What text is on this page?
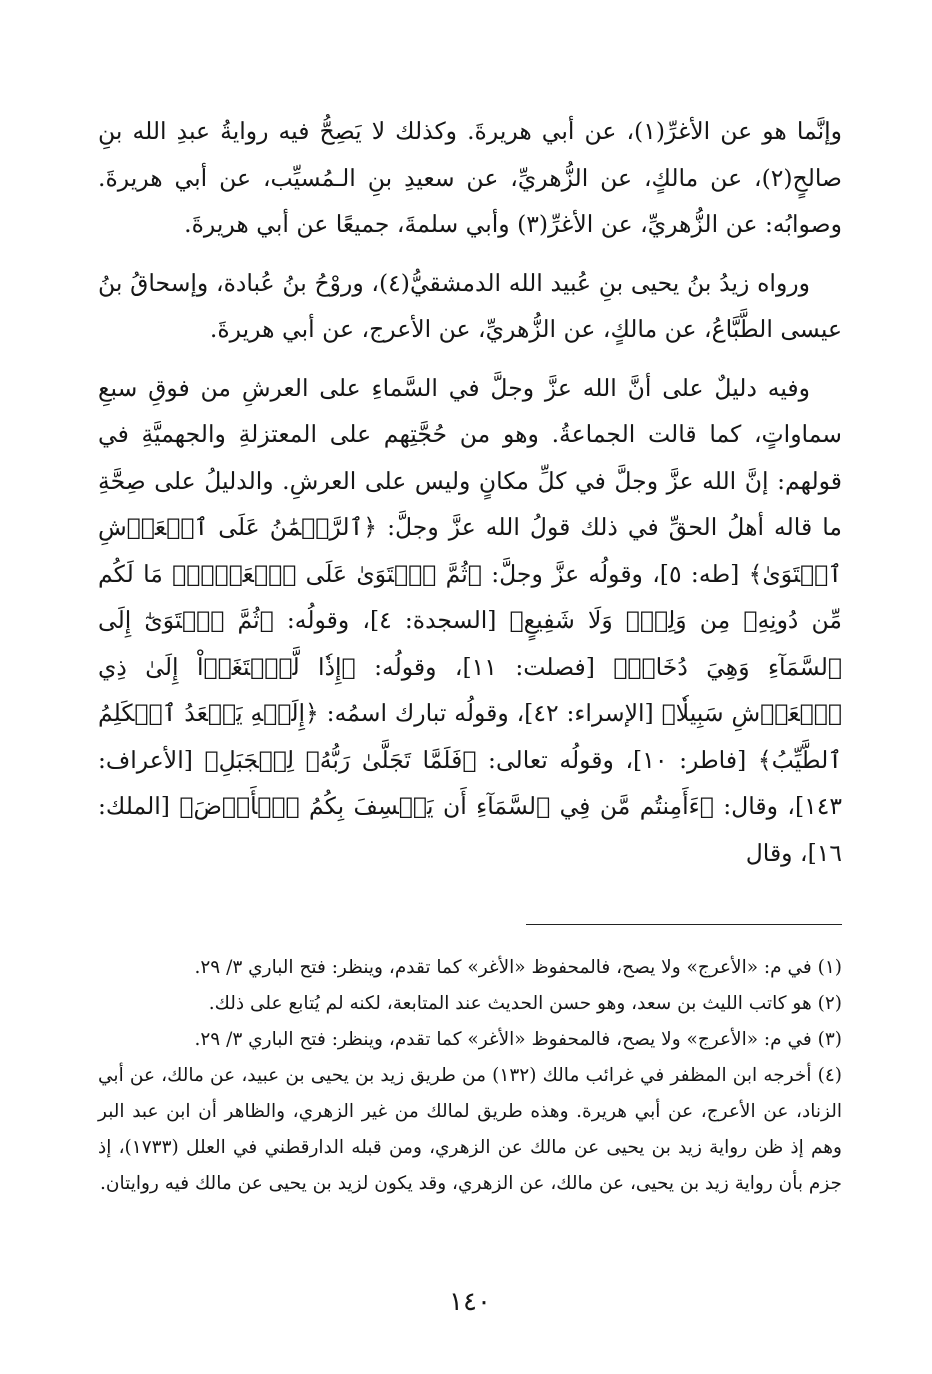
وإنَّما هو عن الأغرِّ(١)، عن أبي هريرةَ. وكذلك لا يَصِحُّ فيه روايةُ عبدِ الله بنِ صالحٍ(٢)، عن مالكٍ، عن الزُّهريِّ، عن سعيدِ بنِ الـمُسيِّب، عن أبي هريرةَ. وصوابُه: عن الزُّهريِّ، عن الأغرِّ(٣) وأبي سلمةَ، جميعًا عن أبي هريرةَ.

ورواه زيدُ بنُ يحيى بنِ عُبيد الله الدمشقيُّ(٤)، وروْحُ بنُ عُبادة، وإسحاقُ بنُ عيسى الطَّبَّاعُ، عن مالكٍ، عن الزُّهريِّ، عن الأعرج، عن أبي هريرةَ.

وفيه دليلٌ على أنَّ الله عزَّ وجلَّ في السَّماءِ على العرشِ من فوقِ سبعِ سماواتٍ، كما قالت الجماعةُ. وهو من حُجَّتِهم على المعتزلةِ والجهميَّةِ في قولهم: إنَّ الله عزَّ وجلَّ في كلِّ مكانٍ وليس على العرشِ. والدليلُ على صِحَّةِ ما قاله أهلُ الحقِّ في ذلك قولُ الله عزَّ وجلَّ: ﴿ٱلرَّحۡمَٰنُ عَلَى ٱلۡعَرۡشِ ٱسۡتَوَىٰ﴾ [طه: ٥]، وقولُه عزَّ وجلَّ: ﴿ثُمَّ ٱسۡتَوَىٰ عَلَى ٱلۡعَرۡشِۖ مَا لَكُم مِّن دُونِهِۦ مِن وَلِيّٖ وَلَا شَفِيعٍ﴾ [السجدة: ٤]، وقولُه: ﴿ثُمَّ ٱسۡتَوَىٰٓ إِلَى ٱلسَّمَآءِ وَهِيَ دُخَانٞ﴾ [فصلت: ١١]، وقولُه: ﴿إِذٗا لَّٱبۡتَغَوۡاْ إِلَىٰ ذِي ٱلۡعَرۡشِ سَبِيلٗا﴾ [الإسراء: ٤٢]، وقولُه تبارك اسمُه: ﴿إِلَيۡهِ يَصۡعَدُ ٱلۡكَلِمُ ٱلطَّيِّبُ﴾ [فاطر: ١٠]، وقولُه تعالى: ﴿فَلَمَّا تَجَلَّىٰ رَبُّهُۥ لِلۡجَبَلِ﴾ [الأعراف: ١٤٣]، وقال: ﴿ءَأَمِنتُم مَّن فِي ٱلسَّمَآءِ أَن يَخۡسِفَ بِكُمُ ٱلۡأَرۡضَ﴾ [الملك: ١٦]، وقال

(١) في م: «الأعرج» ولا يصح، فالمحفوظ «الأغر» كما تقدم، وينظر: فتح الباري ٣/ ٢٩.

(٢) هو كاتب الليث بن سعد، وهو حسن الحديث عند المتابعة، لكنه لم يُتابع على ذلك.

(٣) في م: «الأعرج» ولا يصح، فالمحفوظ «الأغر» كما تقدم، وينظر: فتح الباري ٣/ ٢٩.

(٤) أخرجه ابن المظفر في غرائب مالك (١٣٢) من طريق زيد بن يحيى بن عبيد، عن مالك، عن أبي الزناد، عن الأعرج، عن أبي هريرة. وهذه طريق لمالك من غير الزهري، والظاهر أن ابن عبد البر وهم إذ ظن رواية زيد بن يحيى عن مالك عن الزهري، ومن قبله الدارقطني في العلل (١٧٣٣)، إذ جزم بأن رواية زيد بن يحيى، عن مالك، عن الزهري، وقد يكون لزيد بن يحيى عن مالك فيه روايتان.

١٤٠
